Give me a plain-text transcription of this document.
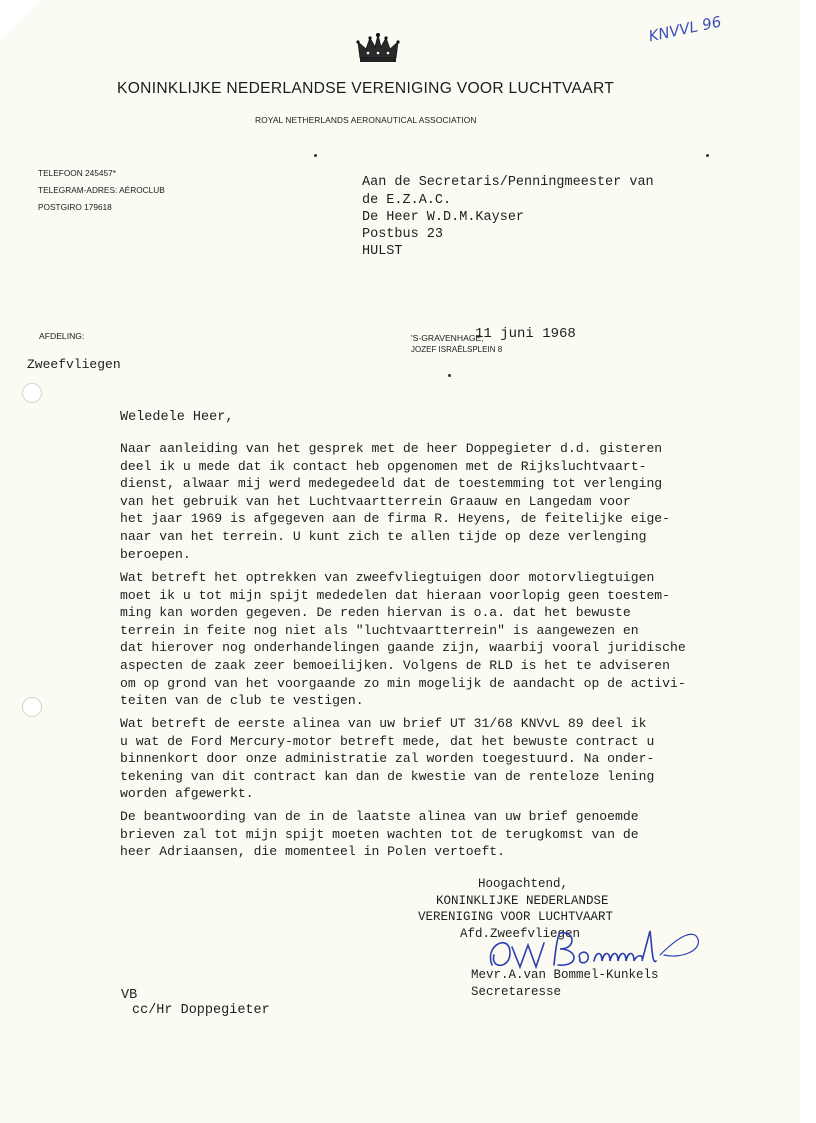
KNVVL 96
KONINKLIJKE NEDERLANDSE VERENIGING VOOR LUCHTVAART
ROYAL NETHERLANDS AERONAUTICAL ASSOCIATION
TELEFOON 245457*
TELEGRAM-ADRES: AÉROCLUB
POSTGIRO 179618
Aan de Secretaris/Penningmeester van
de E.Z.A.C.
De Heer W.D.M.Kayser
Postbus 23
HULST
AFDELING:
Zweefvliegen
'S-GRAVENHAGE,
11 juni 1968
JOZEF ISRAËLSPLEIN 8
Weledele Heer,
Naar aanleiding van het gesprek met de heer Doppegieter d.d. gisteren
deel ik u mede dat ik contact heb opgenomen met de Rijksluchtvaart-
dienst, alwaar mij werd medegedeeld dat de toestemming tot verlenging
van het gebruik van het Luchtvaartterrein Graauw en Langedam voor
het jaar 1969 is afgegeven aan de firma R. Heyens, de feitelijke eige-
naar van het terrein. U kunt zich te allen tijde op deze verlenging
beroepen.
Wat betreft het optrekken van zweefvliegtuigen door motorvliegtuigen
moet ik u tot mijn spijt mededelen dat hieraan voorlopig geen toestem-
ming kan worden gegeven. De reden hiervan is o.a. dat het bewuste
terrein in feite nog niet als "luchtvaartterrein" is aangewezen en
dat hierover nog onderhandelingen gaande zijn, waarbij vooral juridische
aspecten de zaak zeer bemoeilijken. Volgens de RLD is het te adviseren
om op grond van het voorgaande zo min mogelijk de aandacht op de activi-
teiten van de club te vestigen.
Wat betreft de eerste alinea van uw brief UT 31/68 KNVvL 89 deel ik
u wat de Ford Mercury-motor betreft mede, dat het bewuste contract u
binnenkort door onze administratie zal worden toegestuurd. Na onder-
tekening van dit contract kan dan de kwestie van de renteloze lening
worden afgewerkt.
De beantwoording van de in de laatste alinea van uw brief genoemde
brieven zal tot mijn spijt moeten wachten tot de terugkomst van de
heer Adriaansen, die momenteel in Polen vertoeft.
Hoogachtend,
KONINKLIJKE NEDERLANDSE
VERENIGING VOOR LUCHTVAART
Afd.Zweefvliegen
Mevr.A.van Bommel-Kunkels
Secretaresse
VB
cc/Hr Doppegieter
